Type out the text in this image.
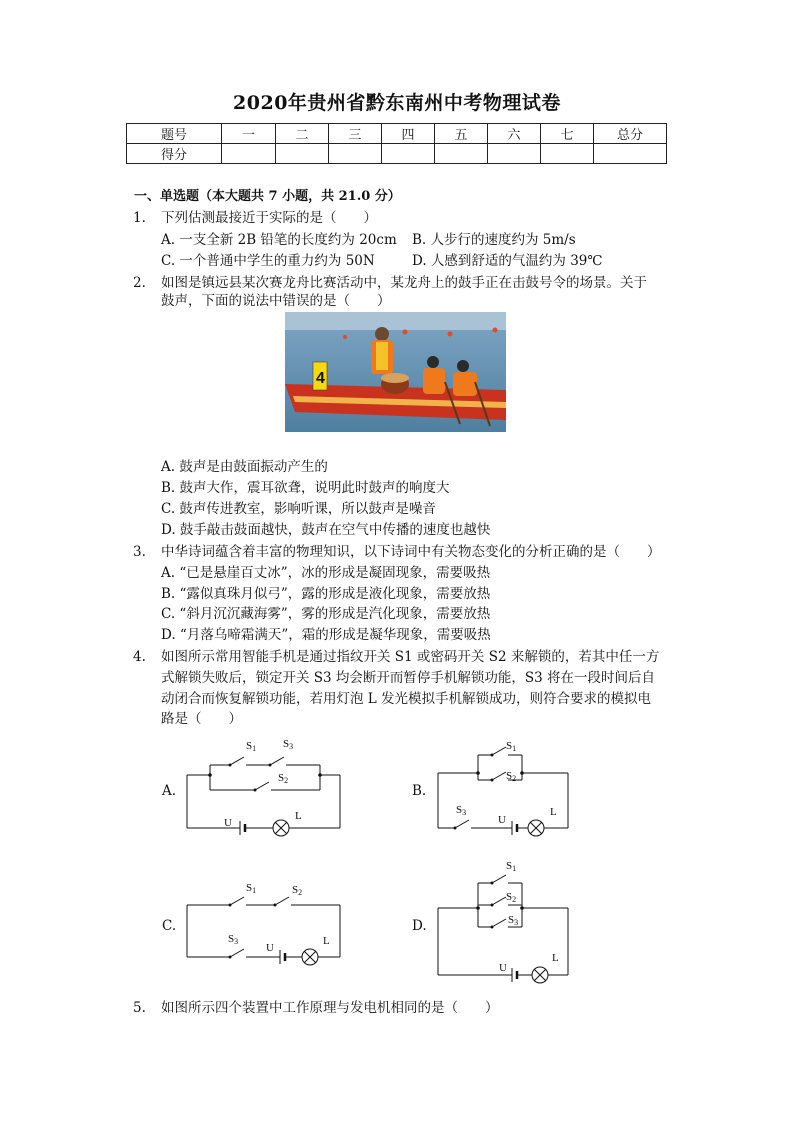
2020年贵州省黔东南州中考物理试卷
题号	一	二	三	四	五	六	七	总分
得分								
一、单选题（本大题共 7 小题，共 21.0 分）
1. 下列估测最接近于实际的是（　　）
A. 一支全新 2B 铅笔的长度约为 20cm B. 人步行的速度约为 5m/s
C. 一个普通中学生的重力约为 50N	D. 人感到舒适的气温约为 39℃
2. 如图是镇远县某次赛龙舟比赛活动中，某龙舟上的鼓手正在击鼓号令的场景。关于
鼓声，下面的说法中错误的是（　　）
4
A. 鼓声是由鼓面振动产生的
B. 鼓声大作，震耳欲聋，说明此时鼓声的响度大
C. 鼓声传进教室，影响听课，所以鼓声是噪音
D. 鼓手敲击鼓面越快，鼓声在空气中传播的速度也越快
3. 中华诗词蕴含着丰富的物理知识，以下诗词中有关物态变化的分析正确的是（　　）
A. “已是悬崖百丈冰”，冰的形成是凝固现象，需要吸热
B. “露似真珠月似弓”，露的形成是液化现象，需要放热
C. “斜月沉沉藏海雾”，雾的形成是汽化现象，需要放热
D. “月落乌啼霜满天”，霜的形成是凝华现象，需要吸热
4. 如图所示常用智能手机是通过指纹开关 S1 或密码开关 S2 来解锁的，若其中任一方
式解锁失败后，锁定开关 S3 均会断开而暂停手机解锁功能，S3 将在一段时间后自
动闭合而恢复解锁功能，若用灯泡 L 发光模拟手机解锁成功，则符合要求的模拟电
路是（　　）
A.
S1 S3
S2
U
L
B.
S1
S2
S3
U
L
C.
S1	S2
S3
U
L
D.
S1
S2
S3
U
L
5. 如图所示四个装置中工作原理与发电机相同的是（　　）
